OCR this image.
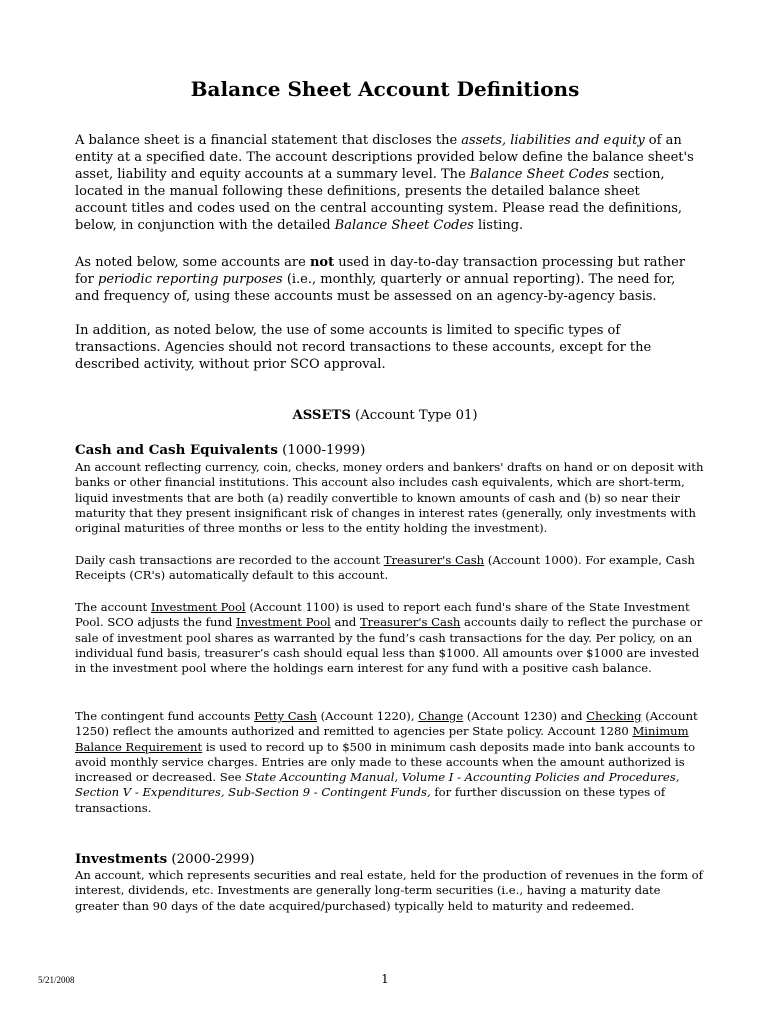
Balance Sheet Account Definitions

A balance sheet is a financial statement that discloses the assets, liabilities and equity of an entity at a specified date. The account descriptions provided below define the balance sheet's asset, liability and equity accounts at a summary level. The Balance Sheet Codes section, located in the manual following these definitions, presents the detailed balance sheet account titles and codes used on the central accounting system. Please read the definitions, below, in conjunction with the detailed Balance Sheet Codes listing.

As noted below, some accounts are not used in day-to-day transaction processing but rather for periodic reporting purposes (i.e., monthly, quarterly or annual reporting). The need for, and frequency of, using these accounts must be assessed on an agency-by-agency basis.

In addition, as noted below, the use of some accounts is limited to specific types of transactions. Agencies should not record transactions to these accounts, except for the described activity, without prior SCO approval.

ASSETS (Account Type 01)

Cash and Cash Equivalents (1000-1999)

An account reflecting currency, coin, checks, money orders and bankers' drafts on hand or on deposit with banks or other financial institutions. This account also includes cash equivalents, which are short-term, liquid investments that are both (a) readily convertible to known amounts of cash and (b) so near their maturity that they present insignificant risk of changes in interest rates (generally, only investments with original maturities of three months or less to the entity holding the investment).

Daily cash transactions are recorded to the account Treasurer's Cash (Account 1000). For example, Cash Receipts (CR's) automatically default to this account.

The account Investment Pool (Account 1100) is used to report each fund's share of the State Investment Pool. SCO adjusts the fund Investment Pool and Treasurer's Cash accounts daily to reflect the purchase or sale of investment pool shares as warranted by the fund’s cash transactions for the day. Per policy, on an individual fund basis, treasurer’s cash should equal less than $1000. All amounts over $1000 are invested in the investment pool where the holdings earn interest for any fund with a positive cash balance.

The contingent fund accounts Petty Cash (Account 1220), Change (Account 1230) and Checking (Account 1250) reflect the amounts authorized and remitted to agencies per State policy. Account 1280 Minimum Balance Requirement is used to record up to $500 in minimum cash deposits made into bank accounts to avoid monthly service charges. Entries are only made to these accounts when the amount authorized is increased or decreased. See State Accounting Manual, Volume I - Accounting Policies and Procedures, Section V - Expenditures, Sub-Section 9 - Contingent Funds, for further discussion on these types of transactions.

Investments (2000-2999)

An account, which represents securities and real estate, held for the production of revenues in the form of interest, dividends, etc. Investments are generally long-term securities (i.e., having a maturity date greater than 90 days of the date acquired/purchased) typically held to maturity and redeemed.

5/21/2008	1
